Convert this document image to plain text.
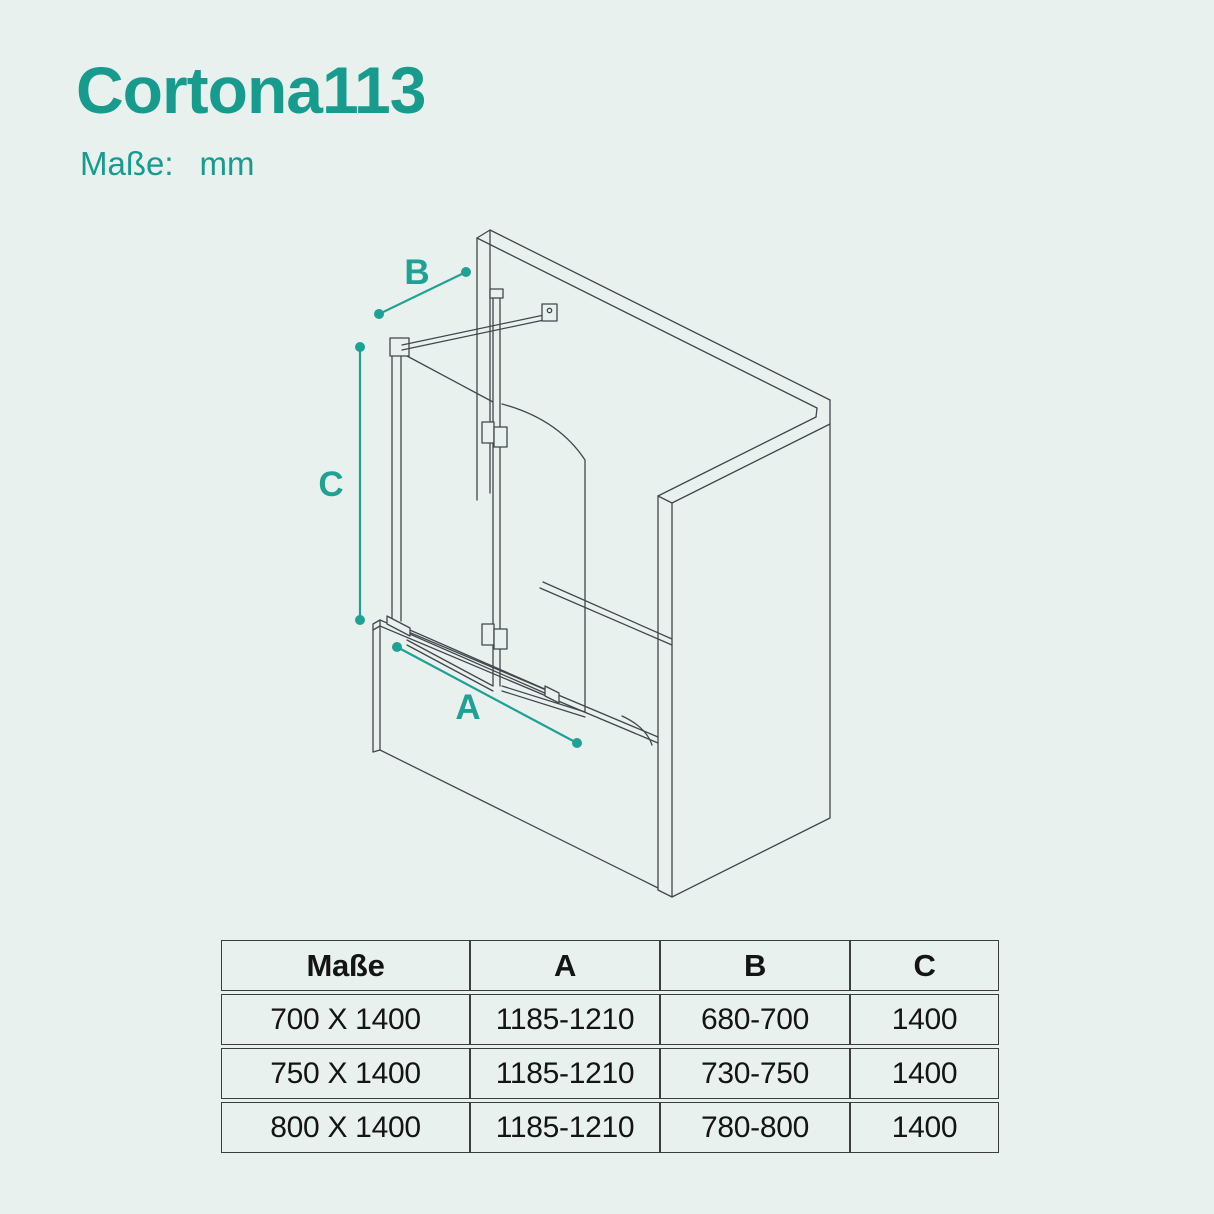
Cortona113
Maße: mm
C
B
A
Maße	A	B	C
700 X 1400	1185-1210	680-700	1400
750 X 1400	1185-1210	730-750	1400
800 X 1400	1185-1210	780-800	1400
